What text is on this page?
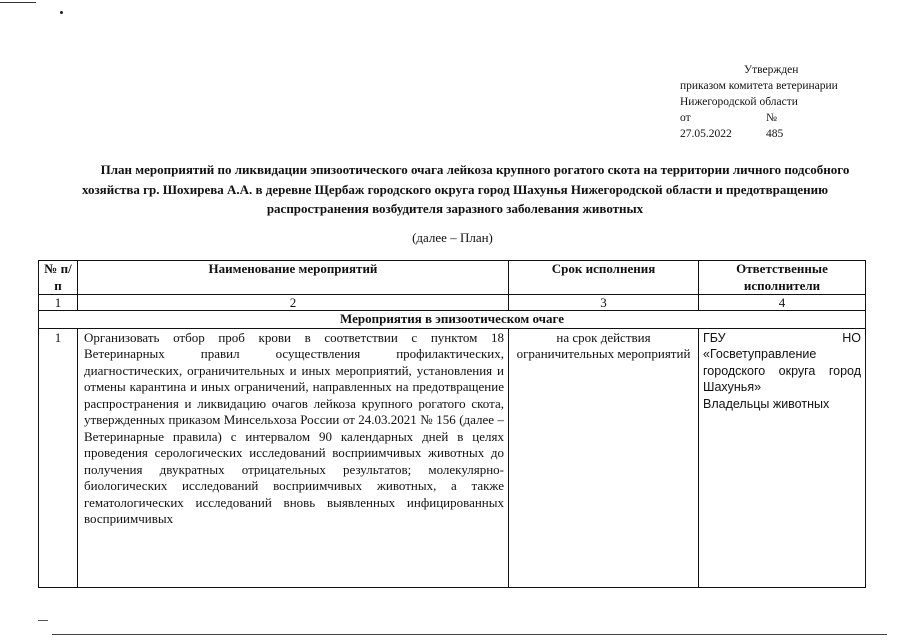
Утвержден
приказом комитета ветеринарии
Нижегородской области
от	№
27.05.2022	485
План мероприятий по ликвидации эпизоотического очага лейкоза крупного рогатого скота на территории личного подсобного хозяйства гр. Шохирева А.А. в деревне Щербаж городского округа город Шахунья Нижегородской области и предотвращению распространения возбудителя заразного заболевания животных
(далее – План)
№ п/п	Наименование мероприятий	Срок исполнения	Ответственные исполнители
1	2	3	4
Мероприятия в эпизоотическом очаге			
1	Организовать отбор проб крови в соответствии с пунктом 18 Ветеринарных правил осуществления профилактических, диагностических, ограничительных и иных мероприятий, установления и отмены карантина и иных ограничений, направленных на предотвращение распространения и ликвидацию очагов лейкоза крупного рогатого скота, утвержденных приказом Минсельхоза России от 24.03.2021 № 156 (далее – Ветеринарные правила) с интервалом 90 календарных дней в целях проведения серологических исследований восприимчивых животных до получения двукратных отрицательных результатов; молекулярно-биологических исследований восприимчивых животных, а также гематологических исследований вновь выявленных инфицированных восприимчивых	на срок действия ограничительных мероприятий	ГБУ НО «Госветуправление городского округа город Шахунья»
Владельцы животных
